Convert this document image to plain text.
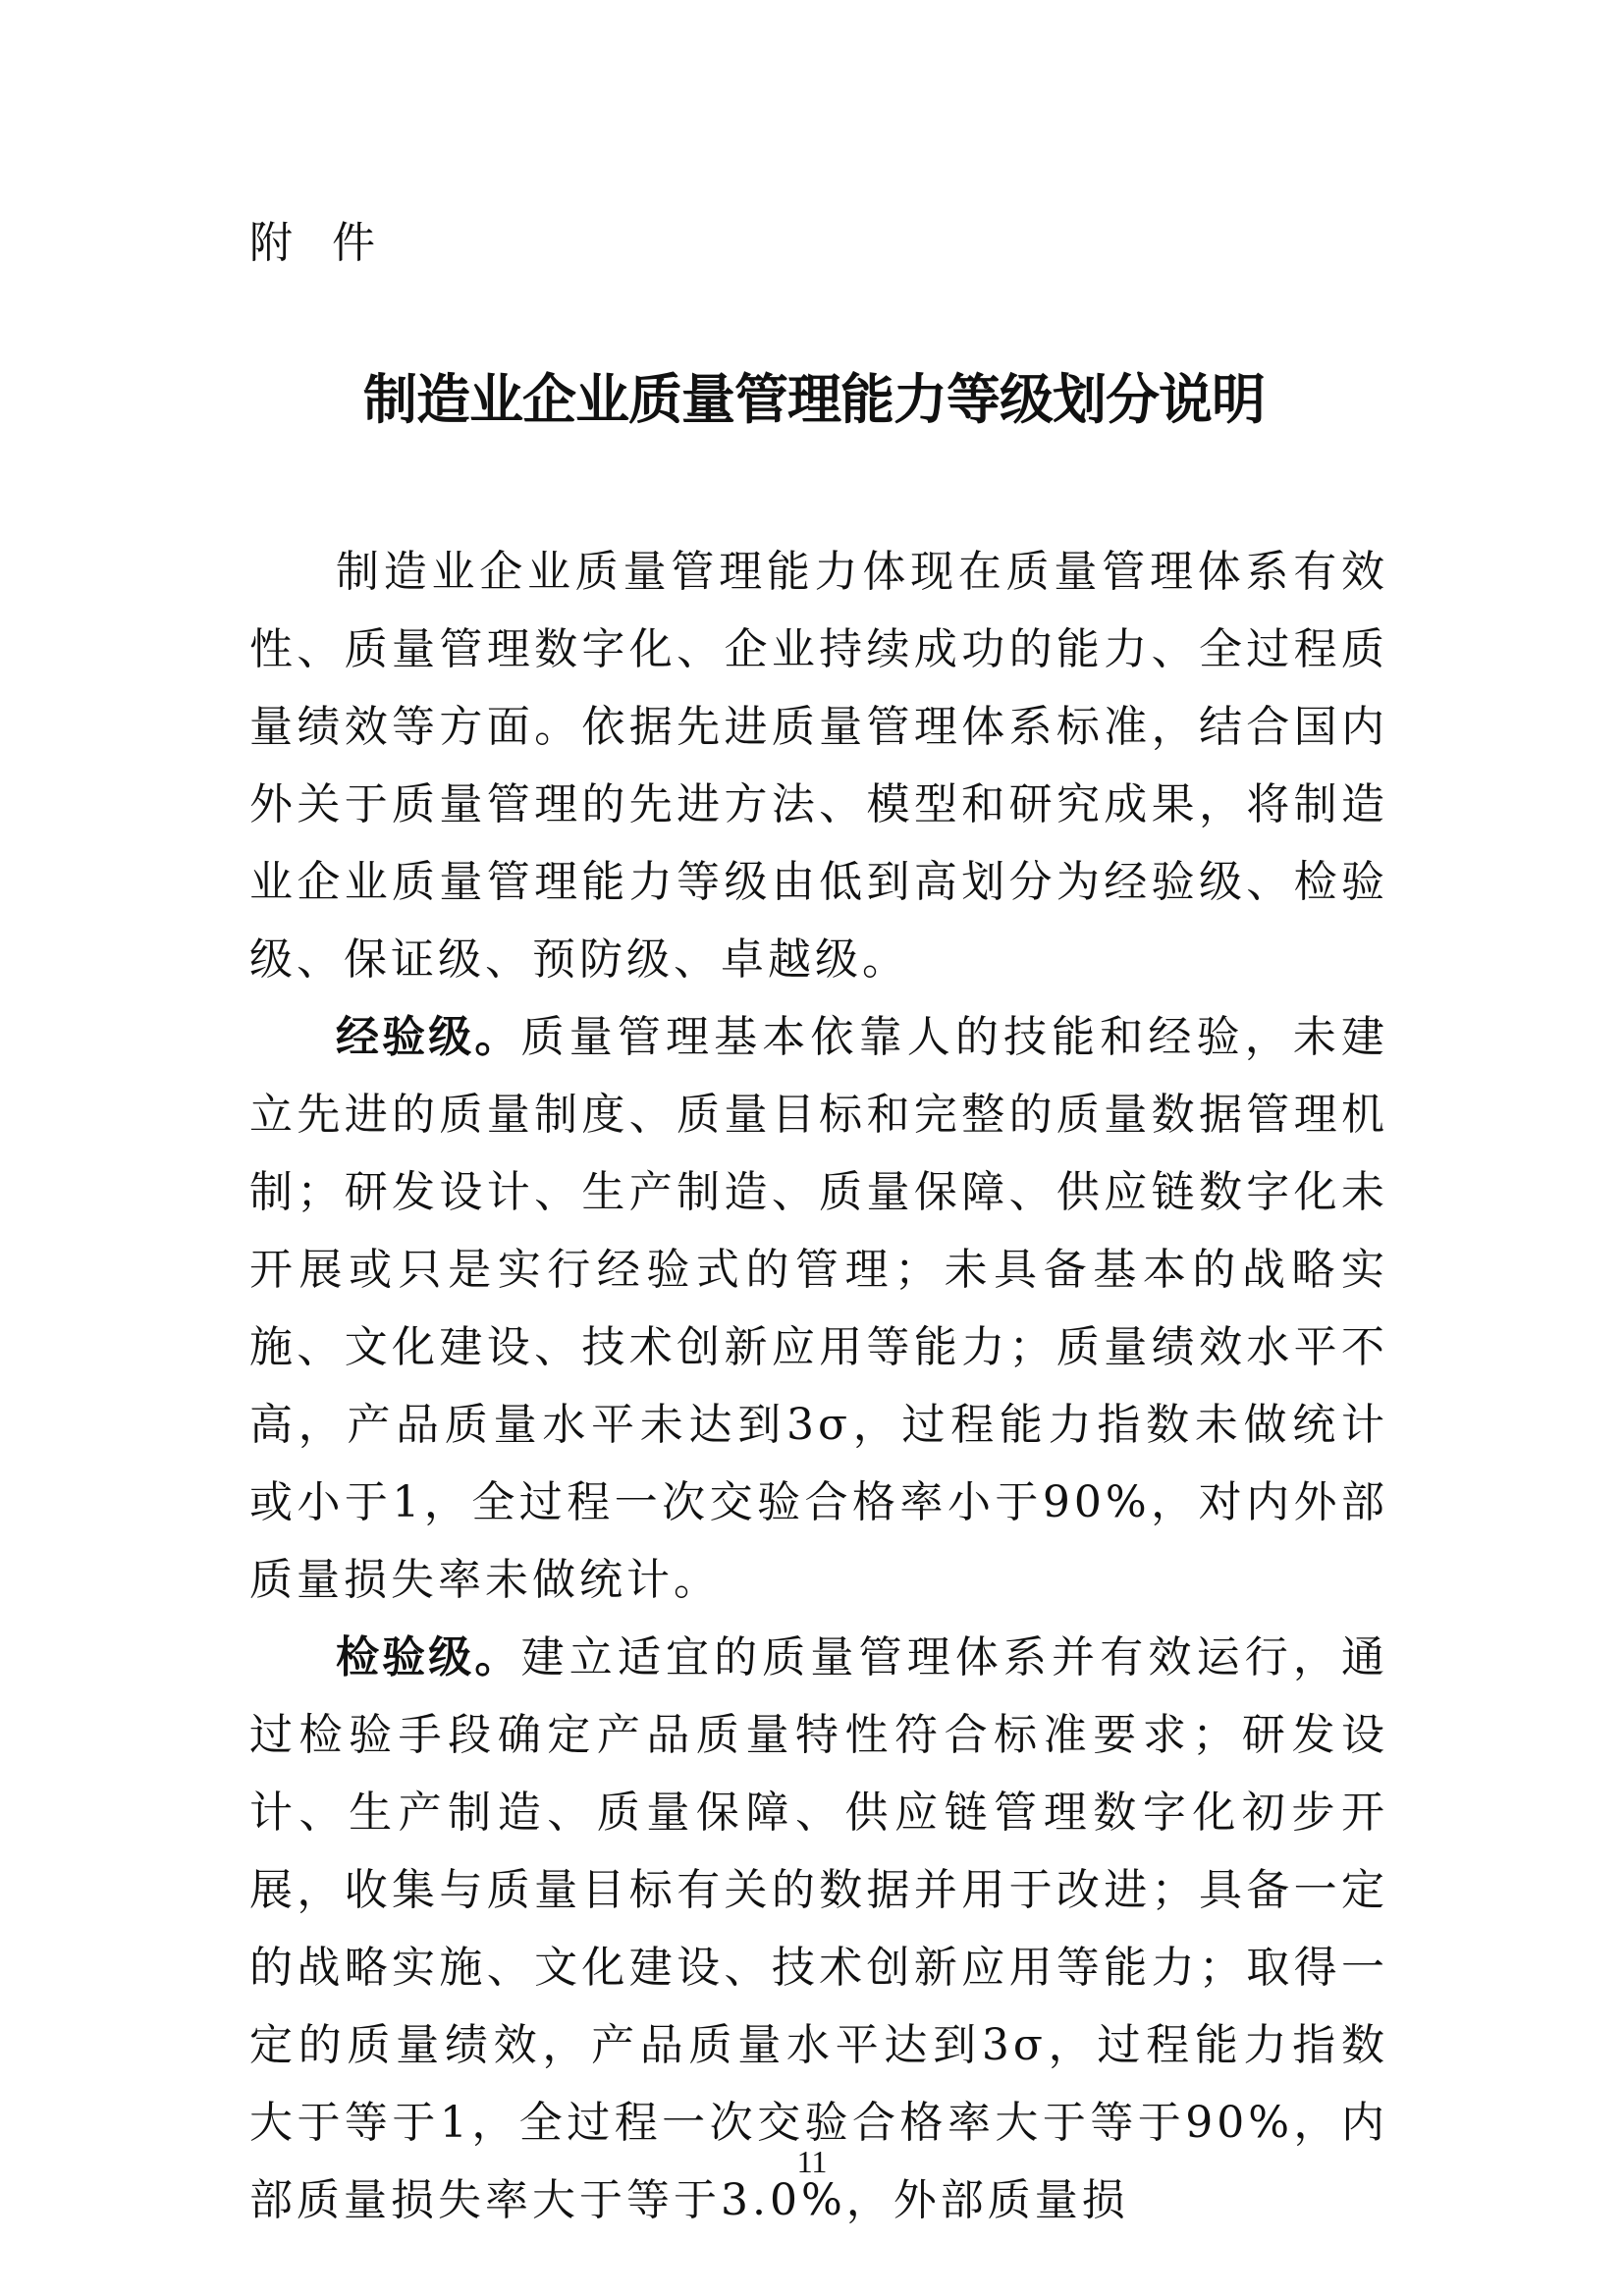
附件

制造业企业质量管理能力等级划分说明

制造业企业质量管理能力体现在质量管理体系有效性、质量管理数字化、企业持续成功的能力、全过程质量绩效等方面。依据先进质量管理体系标准，结合国内外关于质量管理的先进方法、模型和研究成果，将制造业企业质量管理能力等级由低到高划分为经验级、检验级、保证级、预防级、卓越级。

经验级。质量管理基本依靠人的技能和经验，未建立先进的质量制度、质量目标和完整的质量数据管理机制；研发设计、生产制造、质量保障、供应链数字化未开展或只是实行经验式的管理；未具备基本的战略实施、文化建设、技术创新应用等能力；质量绩效水平不高，产品质量水平未达到3σ，过程能力指数未做统计或小于1，全过程一次交验合格率小于90%，对内外部质量损失率未做统计。

检验级。建立适宜的质量管理体系并有效运行，通过检验手段确定产品质量特性符合标准要求；研发设计、生产制造、质量保障、供应链管理数字化初步开展，收集与质量目标有关的数据并用于改进；具备一定的战略实施、文化建设、技术创新应用等能力；取得一定的质量绩效，产品质量水平达到3σ，过程能力指数大于等于1，全过程一次交验合格率大于等于90%，内部质量损失率大于等于3.0%，外部质量损

11
